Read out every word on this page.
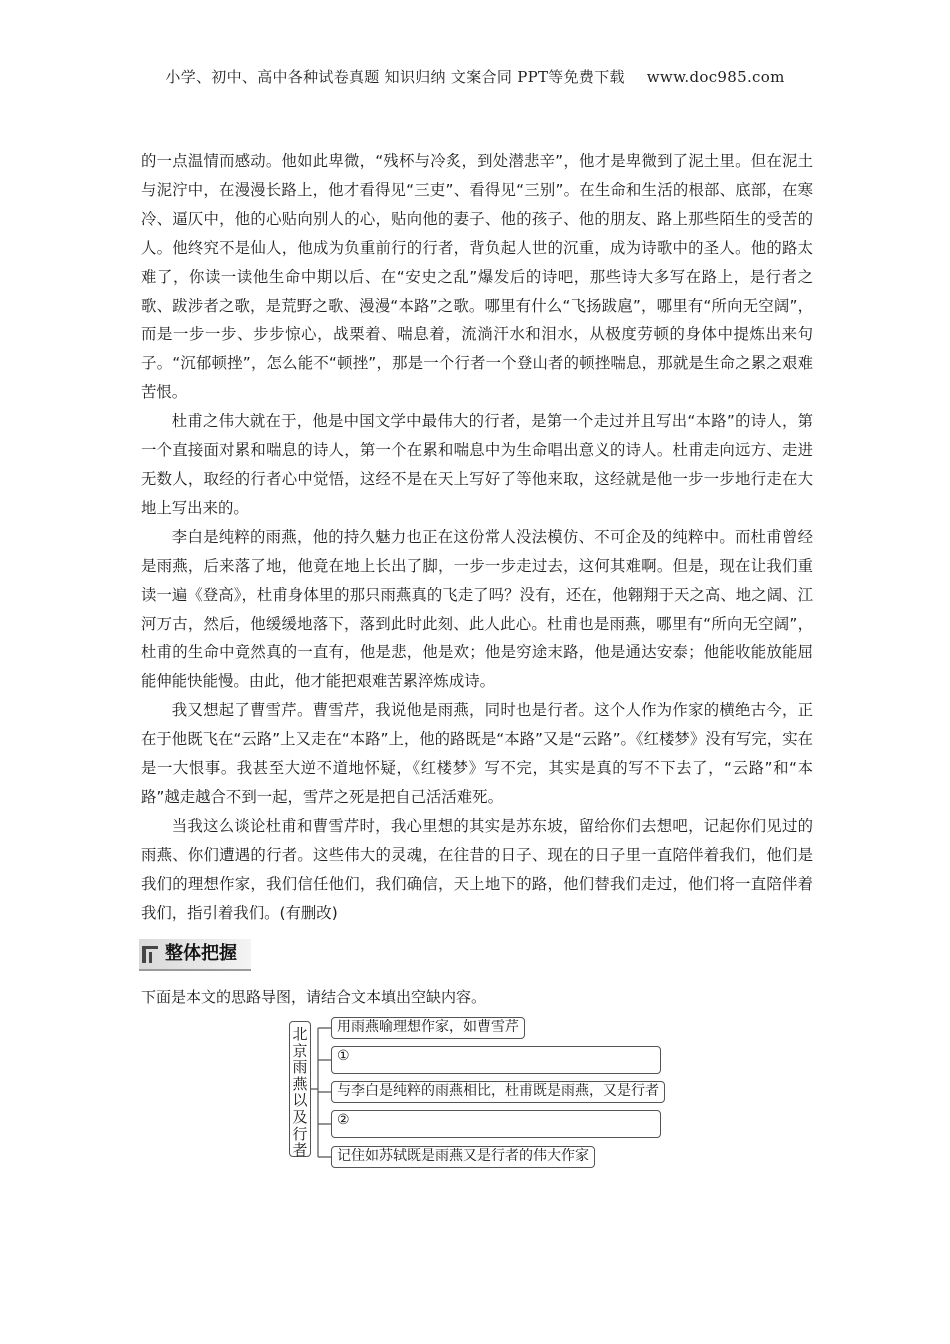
小学、初中、高中各种试卷真题 知识归纳 文案合同 PPT等免费下载 www.doc985.com

的一点温情而感动。他如此卑微，“残杯与冷炙，到处潜悲辛”，他才是卑微到了泥土里。但在泥土与泥泞中，在漫漫长路上，他才看得见“三吏”、看得见“三别”。在生命和生活的根部、底部，在寒冷、逼仄中，他的心贴向别人的心，贴向他的妻子、他的孩子、他的朋友、路上那些陌生的受苦的人。他终究不是仙人，他成为负重前行的行者，背负起人世的沉重，成为诗歌中的圣人。他的路太难了，你读一读他生命中期以后、在“安史之乱”爆发后的诗吧，那些诗大多写在路上，是行者之歌、跋涉者之歌，是荒野之歌、漫漫“本路”之歌。哪里有什么“飞扬跋扈”，哪里有“所向无空阔”，而是一步一步、步步惊心，战栗着、喘息着，流淌汗水和泪水，从极度劳顿的身体中提炼出来句子。“沉郁顿挫”，怎么能不“顿挫”，那是一个行者一个登山者的顿挫喘息，那就是生命之累之艰难苦恨。

杜甫之伟大就在于，他是中国文学中最伟大的行者，是第一个走过并且写出“本路”的诗人，第一个直接面对累和喘息的诗人，第一个在累和喘息中为生命唱出意义的诗人。杜甫走向远方、走进无数人，取经的行者心中觉悟，这经不是在天上写好了等他来取，这经就是他一步一步地行走在大地上写出来的。

李白是纯粹的雨燕，他的持久魅力也正在这份常人没法模仿、不可企及的纯粹中。而杜甫曾经是雨燕，后来落了地，他竟在地上长出了脚，一步一步走过去，这何其难啊。但是，现在让我们重读一遍《登高》，杜甫身体里的那只雨燕真的飞走了吗？没有，还在，他翱翔于天之高、地之阔、江河万古，然后，他缓缓地落下，落到此时此刻、此人此心。杜甫也是雨燕，哪里有“所向无空阔”，杜甫的生命中竟然真的一直有，他是悲，他是欢；他是穷途末路，他是通达安泰；他能收能放能屈能伸能快能慢。由此，他才能把艰难苦累淬炼成诗。

我又想起了曹雪芹。曹雪芹，我说他是雨燕，同时也是行者。这个人作为作家的横绝古今，正在于他既飞在“云路”上又走在“本路”上，他的路既是“本路”又是“云路”。《红楼梦》没有写完，实在是一大恨事。我甚至大逆不道地怀疑，《红楼梦》写不完，其实是真的写不下去了，“云路”和“本路”越走越合不到一起，雪芹之死是把自己活活难死。

当我这么谈论杜甫和曹雪芹时，我心里想的其实是苏东坡，留给你们去想吧，记起你们见过的雨燕、你们遭遇的行者。这些伟大的灵魂，在往昔的日子、现在的日子里一直陪伴着我们，他们是我们的理想作家，我们信任他们，我们确信，天上地下的路，他们替我们走过，他们将一直陪伴着我们，指引着我们。(有删改)

整体把握
下面是本文的思路导图，请结合文本填出空缺内容。
北京雨燕以及行者
用雨燕喻理想作家，如曹雪芹
①
与李白是纯粹的雨燕相比，杜甫既是雨燕，又是行者
②
记住如苏轼既是雨燕又是行者的伟大作家
